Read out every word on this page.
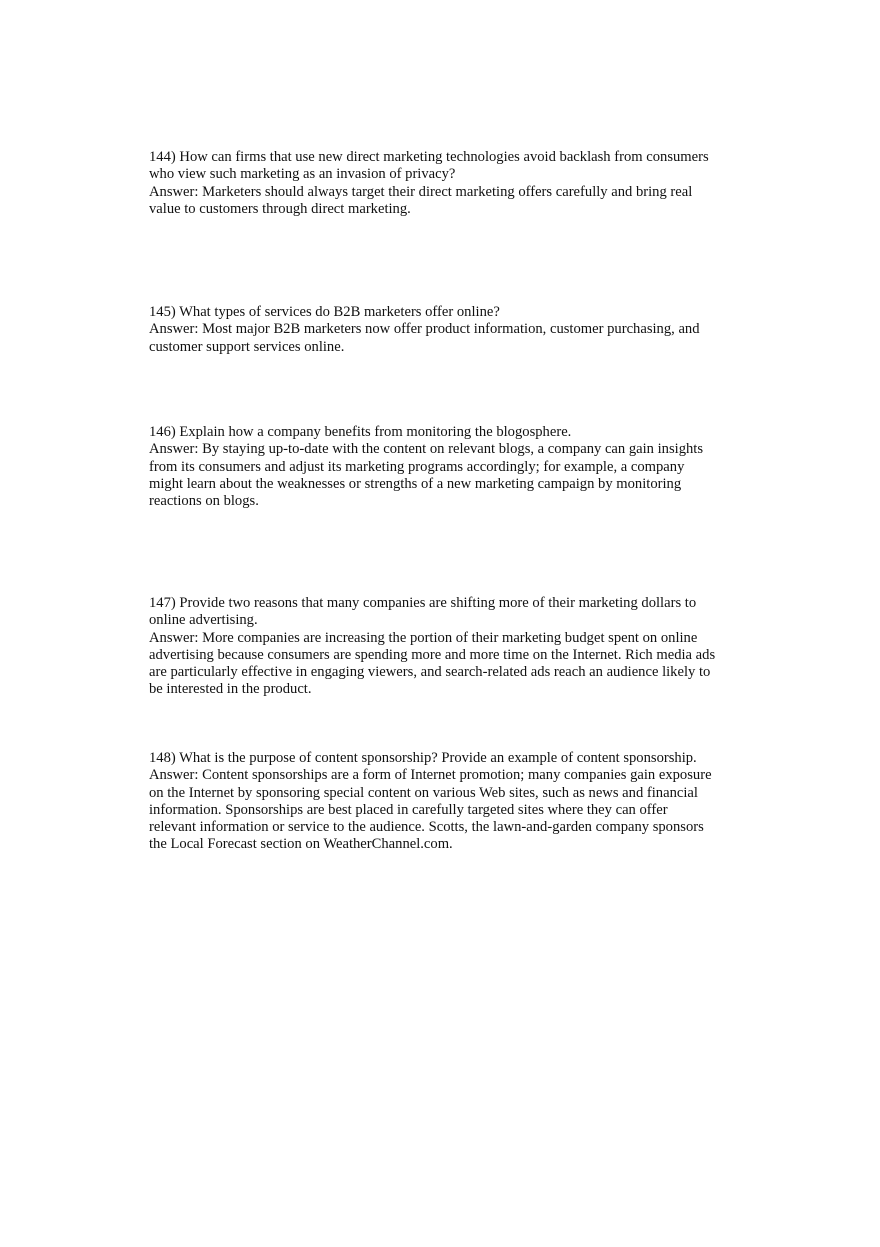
144) How can firms that use new direct marketing technologies avoid backlash from consumers
who view such marketing as an invasion of privacy?
Answer: Marketers should always target their direct marketing offers carefully and bring real
value to customers through direct marketing.
145) What types of services do B2B marketers offer online?
Answer: Most major B2B marketers now offer product information, customer purchasing, and
customer support services online.
146) Explain how a company benefits from monitoring the blogosphere.
Answer: By staying up-to-date with the content on relevant blogs, a company can gain insights
from its consumers and adjust its marketing programs accordingly; for example, a company
might learn about the weaknesses or strengths of a new marketing campaign by monitoring
reactions on blogs.
147) Provide two reasons that many companies are shifting more of their marketing dollars to
online advertising.
Answer: More companies are increasing the portion of their marketing budget spent on online
advertising because consumers are spending more and more time on the Internet. Rich media ads
are particularly effective in engaging viewers, and search-related ads reach an audience likely to
be interested in the product.
148) What is the purpose of content sponsorship? Provide an example of content sponsorship.
Answer: Content sponsorships are a form of Internet promotion; many companies gain exposure
on the Internet by sponsoring special content on various Web sites, such as news and financial
information. Sponsorships are best placed in carefully targeted sites where they can offer
relevant information or service to the audience. Scotts, the lawn-and-garden company sponsors
the Local Forecast section on WeatherChannel.com.
